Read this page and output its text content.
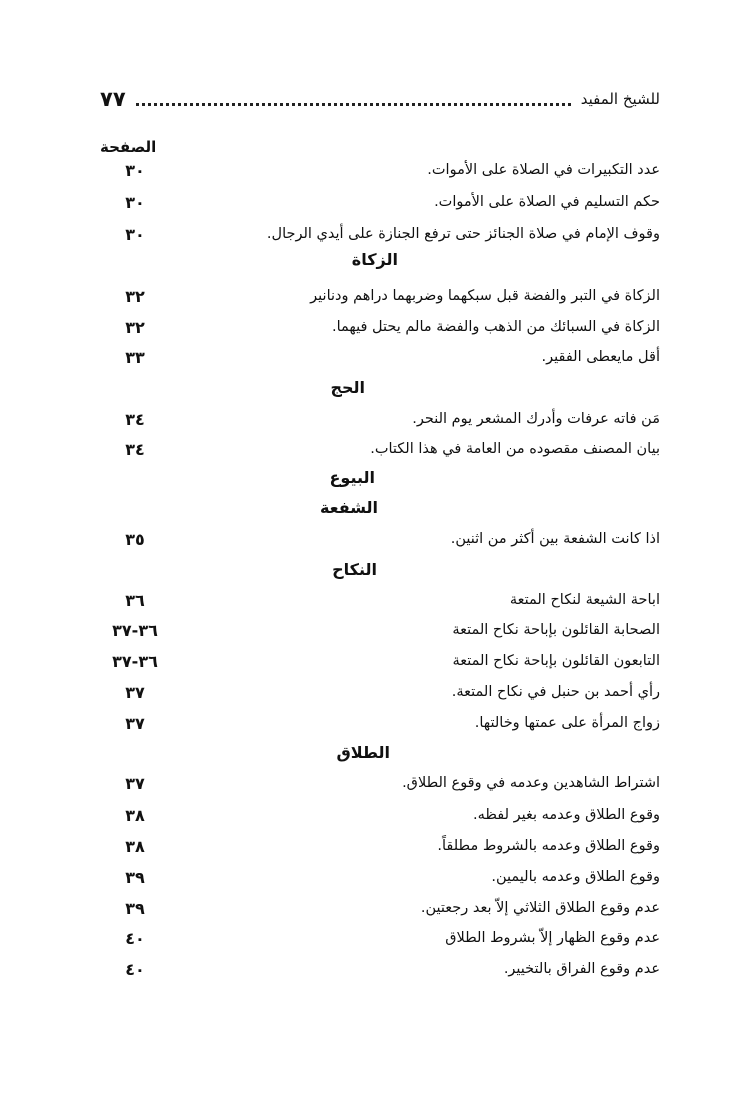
للشيخ المفيد
٧٧
الصفحة
عدد التكبيرات في الصلاة على الأموات.
٣٠
حكم التسليم في الصلاة على الأموات.
٣٠
وقوف الإمام في صلاة الجنائز حتى ترفع الجنازة على أيدي الرجال.
٣٠
الزكاة
الزكاة في التبر والفضة قبل سبكهما وضربهما دراهم ودنانير
٣٢
الزكاة في السبائك من الذهب والفضة مالم يحتل فيهما.
٣٢
أقل مايعطى الفقير.
٣٣
الحج
مَن فاته عرفات وأدرك المشعر يوم النحر.
٣٤
بيان المصنف مقصوده من العامة في هذا الكتاب.
٣٤
البيوع
الشفعة
اذا كانت الشفعة بين أكثر من اثنين.
٣٥
النكاح
اباحة الشيعة لنكاح المتعة
٣٦
الصحابة القائلون بإباحة نكاح المتعة
٣٦-٣٧
التابعون القائلون بإباحة نكاح المتعة
٣٦-٣٧
رأي أحمد بن حنبل في نكاح المتعة.
٣٧
زواج المرأة على عمتها وخالتها.
٣٧
الطلاق
اشتراط الشاهدين وعدمه في وقوع الطلاق.
٣٧
وقوع الطلاق وعدمه بغير لفظه.
٣٨
وقوع الطلاق وعدمه بالشروط مطلقاً.
٣٨
وقوع الطلاق وعدمه باليمين.
٣٩
عدم وقوع الطلاق الثلاثي إلاّ بعد رجعتين.
٣٩
عدم وقوع الظهار إلاّ بشروط الطلاق
٤٠
عدم وقوع الفراق بالتخيير.
٤٠
